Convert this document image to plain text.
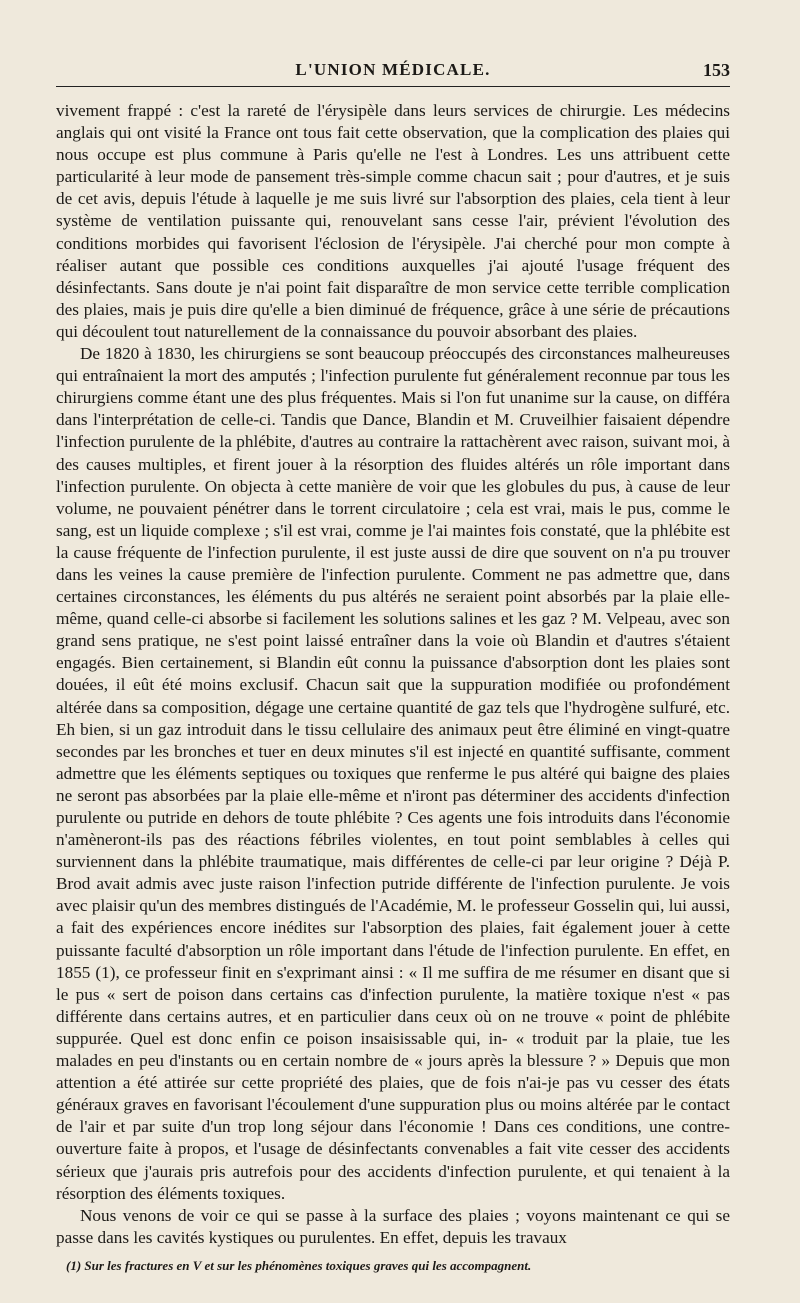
L'UNION MÉDICALE.	153

vivement frappé : c'est la rareté de l'érysipèle dans leurs services de chirurgie. Les médecins anglais qui ont visité la France ont tous fait cette observation, que la complication des plaies qui nous occupe est plus commune à Paris qu'elle ne l'est à Londres. Les uns attribuent cette particularité à leur mode de pansement très-simple comme chacun sait ; pour d'autres, et je suis de cet avis, depuis l'étude à laquelle je me suis livré sur l'absorption des plaies, cela tient à leur système de ventilation puissante qui, renouvelant sans cesse l'air, prévient l'évolution des conditions morbides qui favorisent l'éclosion de l'érysipèle. J'ai cherché pour mon compte à réaliser autant que possible ces conditions auxquelles j'ai ajouté l'usage fréquent des désinfectants. Sans doute je n'ai point fait disparaître de mon service cette terrible complication des plaies, mais je puis dire qu'elle a bien diminué de fréquence, grâce à une série de précautions qui découlent tout naturellement de la connaissance du pouvoir absorbant des plaies.

De 1820 à 1830, les chirurgiens se sont beaucoup préoccupés des circonstances malheureuses qui entraînaient la mort des amputés ; l'infection purulente fut généralement reconnue par tous les chirurgiens comme étant une des plus fréquentes. Mais si l'on fut unanime sur la cause, on différa dans l'interprétation de celle-ci. Tandis que Dance, Blandin et M. Cruveilhier faisaient dépendre l'infection purulente de la phlébite, d'autres au contraire la rattachèrent avec raison, suivant moi, à des causes multiples, et firent jouer à la résorption des fluides altérés un rôle important dans l'infection purulente. On objecta à cette manière de voir que les globules du pus, à cause de leur volume, ne pouvaient pénétrer dans le torrent circulatoire ; cela est vrai, mais le pus, comme le sang, est un liquide complexe ; s'il est vrai, comme je l'ai maintes fois constaté, que la phlébite est la cause fréquente de l'infection purulente, il est juste aussi de dire que souvent on n'a pu trouver dans les veines la cause première de l'infection purulente. Comment ne pas admettre que, dans certaines circonstances, les éléments du pus altérés ne seraient point absorbés par la plaie elle-même, quand celle-ci absorbe si facilement les solutions salines et les gaz ? M. Velpeau, avec son grand sens pratique, ne s'est point laissé entraîner dans la voie où Blandin et d'autres s'étaient engagés. Bien certainement, si Blandin eût connu la puissance d'absorption dont les plaies sont douées, il eût été moins exclusif. Chacun sait que la suppuration modifiée ou profondément altérée dans sa composition, dégage une certaine quantité de gaz tels que l'hydrogène sulfuré, etc. Eh bien, si un gaz introduit dans le tissu cellulaire des animaux peut être éliminé en vingt-quatre secondes par les bronches et tuer en deux minutes s'il est injecté en quantité suffisante, comment admettre que les éléments septiques ou toxiques que renferme le pus altéré qui baigne des plaies ne seront pas absorbées par la plaie elle-même et n'iront pas déterminer des accidents d'infection purulente ou putride en dehors de toute phlébite ? Ces agents une fois introduits dans l'économie n'amèneront-ils pas des réactions fébriles violentes, en tout point semblables à celles qui surviennent dans la phlébite traumatique, mais différentes de celle-ci par leur origine ? Déjà P. Brod avait admis avec juste raison l'infection putride différente de l'infection purulente. Je vois avec plaisir qu'un des membres distingués de l'Académie, M. le professeur Gosselin qui, lui aussi, a fait des expériences encore inédites sur l'absorption des plaies, fait également jouer à cette puissante faculté d'absorption un rôle important dans l'étude de l'infection purulente. En effet, en 1855 (1), ce professeur finit en s'exprimant ainsi : « Il me suffira de me résumer en disant que si le pus « sert de poison dans certains cas d'infection purulente, la matière toxique n'est « pas différente dans certains autres, et en particulier dans ceux où on ne trouve « point de phlébite suppurée. Quel est donc enfin ce poison insaisissable qui, in- « troduit par la plaie, tue les malades en peu d'instants ou en certain nombre de « jours après la blessure ? » Depuis que mon attention a été attirée sur cette propriété des plaies, que de fois n'ai-je pas vu cesser des états généraux graves en favorisant l'écoulement d'une suppuration plus ou moins altérée par le contact de l'air et par suite d'un trop long séjour dans l'économie ! Dans ces conditions, une contre-ouverture faite à propos, et l'usage de désinfectants convenables a fait vite cesser des accidents sérieux que j'aurais pris autrefois pour des accidents d'infection purulente, et qui tenaient à la résorption des éléments toxiques.

Nous venons de voir ce qui se passe à la surface des plaies ; voyons maintenant ce qui se passe dans les cavités kystiques ou purulentes. En effet, depuis les travaux

(1) Sur les fractures en V et sur les phénomènes toxiques graves qui les accompagnent.
